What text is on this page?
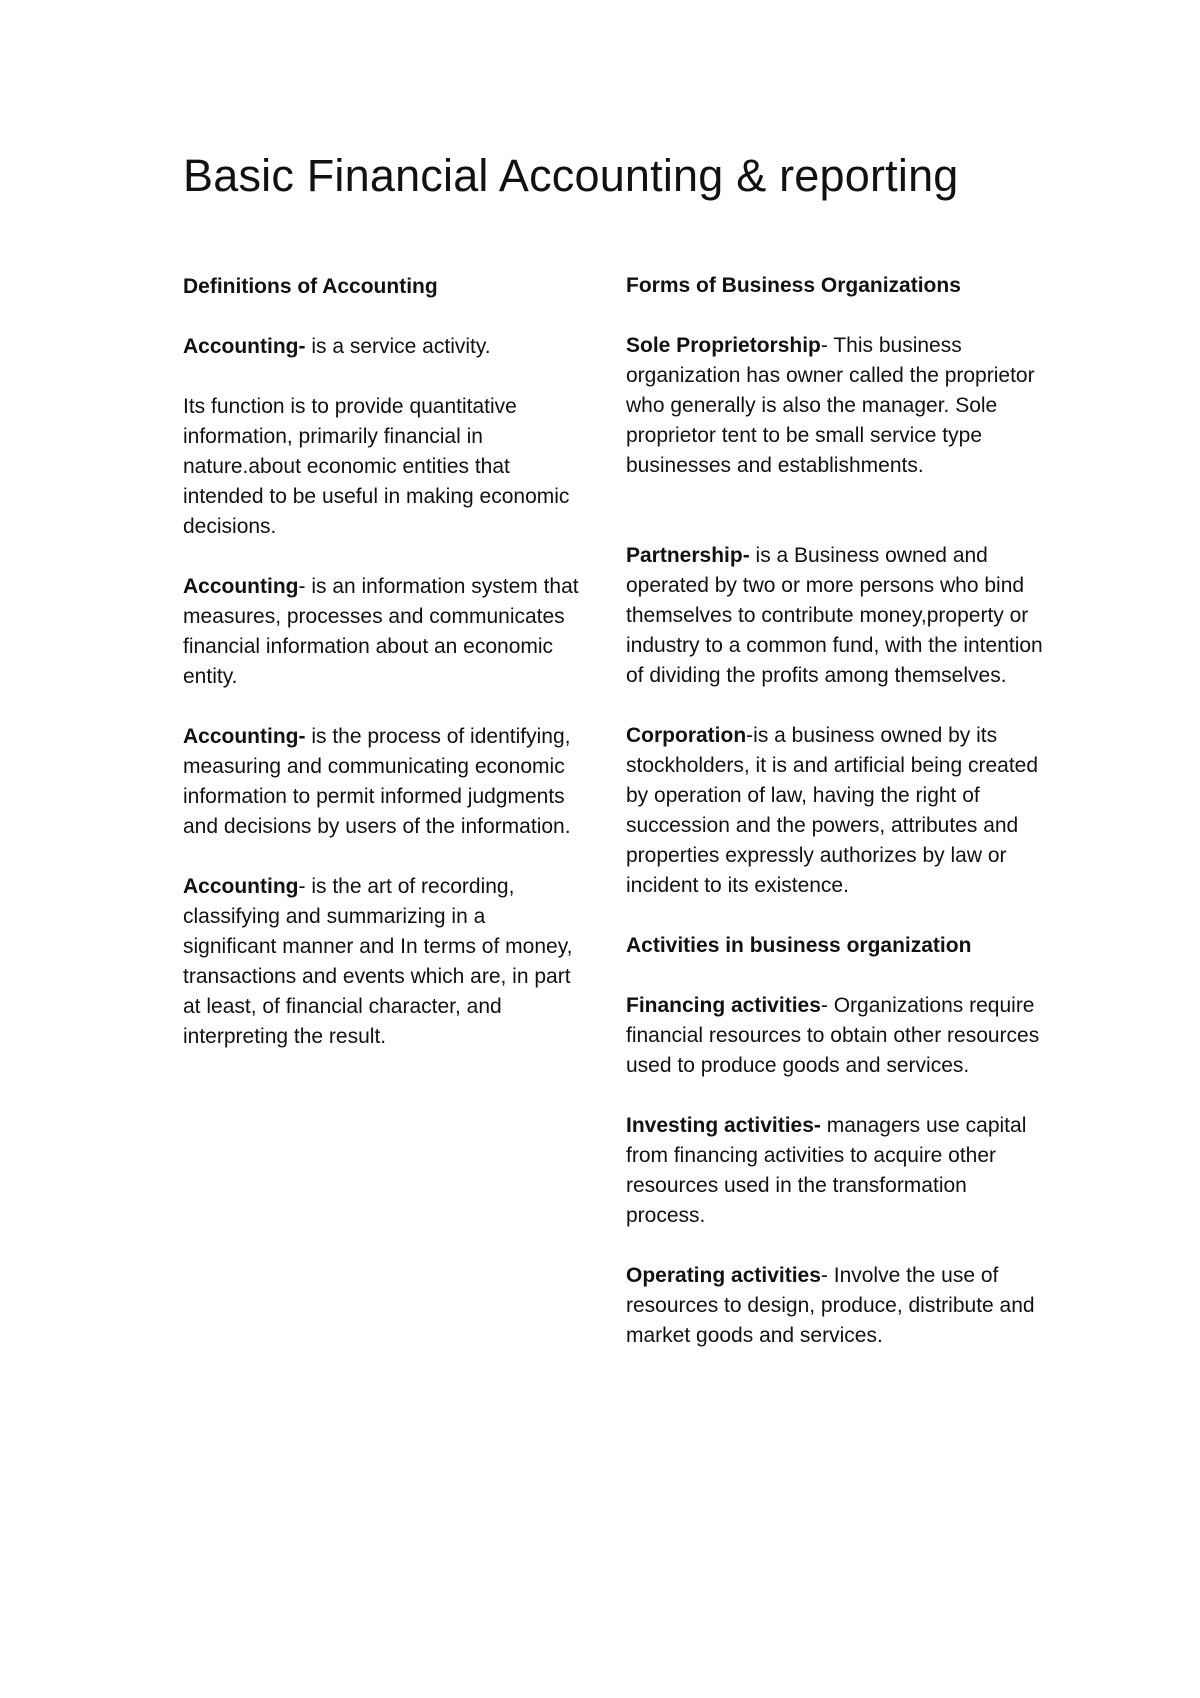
Basic Financial Accounting & reporting

Definitions of Accounting

Accounting- is a service activity.

Its function is to provide quantitative information, primarily financial in nature.about economic entities that intended to be useful in making economic decisions.

Accounting- is an information system that measures, processes and communicates financial information about an economic entity.

Accounting- is the process of identifying, measuring and communicating economic information to permit informed judgments and decisions by users of the information.

Accounting- is the art of recording, classifying and summarizing in a significant manner and In terms of money, transactions and events which are, in part at least, of financial character, and interpreting the result.

Forms of Business Organizations

Sole Proprietorship- This business organization has owner called the proprietor who generally is also the manager. Sole proprietor tent to be small service type businesses and establishments.

Partnership- is a Business owned and operated by two or more persons who bind themselves to contribute money,property or industry to a common fund, with the intention of dividing the profits among themselves.

Corporation-is a business owned by its stockholders, it is and artificial being created by operation of law, having the right of succession and the powers, attributes and properties expressly authorizes by law or incident to its existence.

Activities in business organization

Financing activities- Organizations require financial resources to obtain other resources used to produce goods and services.

Investing activities- managers use capital from financing activities to acquire other resources used in the transformation process.

Operating activities- Involve the use of resources to design, produce, distribute and market goods and services.
